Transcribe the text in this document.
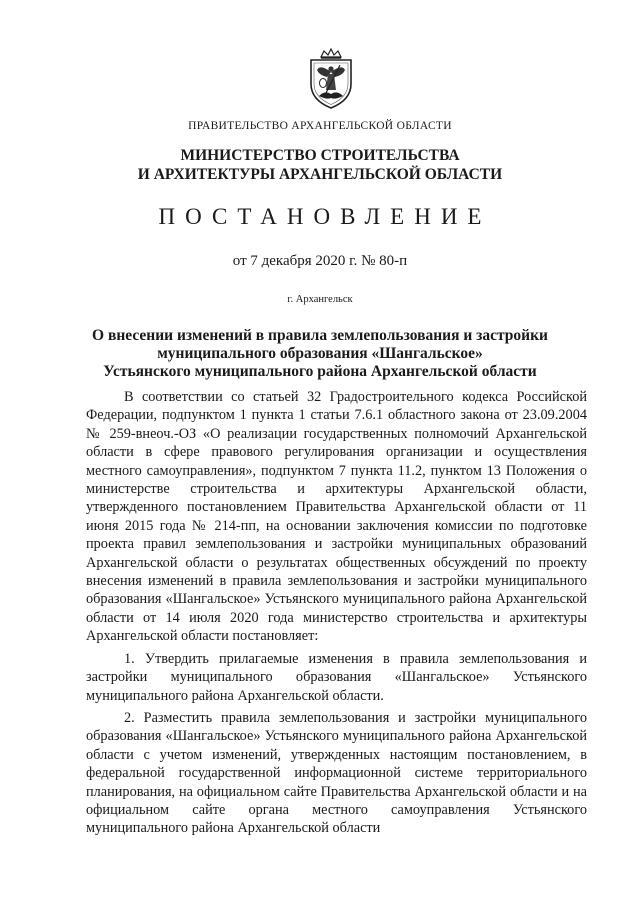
ПРАВИТЕЛЬСТВО АРХАНГЕЛЬСКОЙ ОБЛАСТИ
МИНИСТЕРСТВО СТРОИТЕЛЬСТВА
И АРХИТЕКТУРЫ АРХАНГЕЛЬСКОЙ ОБЛАСТИ
ПОСТАНОВЛЕНИЕ
от 7 декабря 2020 г. № 80-п
г. Архангельск
О внесении изменений в правила землепользования и застройки
муниципального образования «Шангальское»
Устьянского муниципального района Архангельской области

В соответствии со статьей 32 Градостроительного кодекса Российской Федерации, подпунктом 1 пункта 1 статьи 7.6.1 областного закона от 23.09.2004 № 259-внеоч.-ОЗ «О реализации государственных полномочий Архангельской области в сфере правового регулирования организации и осуществления местного самоуправления», подпунктом 7 пункта 11.2, пунктом 13 Положения о министерстве строительства и архитектуры Архангельской области, утвержденного постановлением Правительства Архангельской области от 11 июня 2015 года № 214-пп, на основании заключения комиссии по подготовке проекта правил землепользования и застройки муниципальных образований Архангельской области о результатах общественных обсуждений по проекту внесения изменений в правила землепользования и застройки муниципального образования «Шангальское» Устьянского муниципального района Архангельской области от 14 июля 2020 года министерство строительства и архитектуры Архангельской области постановляет:

1. Утвердить прилагаемые изменения в правила землепользования и застройки муниципального образования «Шангальское» Устьянского муниципального района Архангельской области.

2. Разместить правила землепользования и застройки муниципального образования «Шангальское» Устьянского муниципального района Архангельской области с учетом изменений, утвержденных настоящим постановлением, в федеральной государственной информационной системе территориального планирования, на официальном сайте Правительства Архангельской области и на официальном сайте органа местного самоуправления Устьянского муниципального района Архангельской области
